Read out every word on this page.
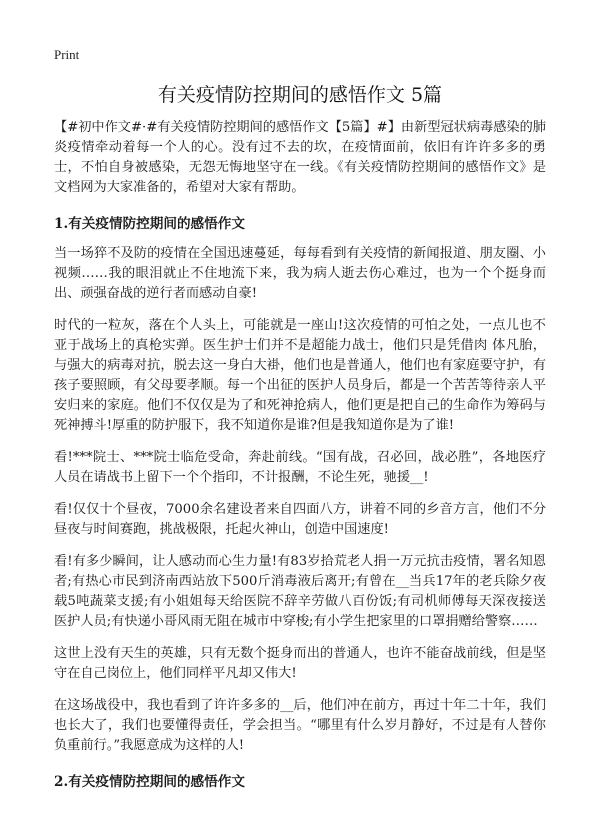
Print
有关疫情防控期间的感悟作文 5篇

【#初中作文#·#有关疫情防控期间的感悟作文【5篇】#】由新型冠状病毒感染的肺炎疫情牵动着每一个人的心。没有过不去的坎，在疫情面前，依旧有许许多多的勇士，不怕自身被感染，无怨无悔地坚守在一线。《有关疫情防控期间的感悟作文》是文档网为大家准备的，希望对大家有帮助。

1.有关疫情防控期间的感悟作文

当一场猝不及防的疫情在全国迅速蔓延，每每看到有关疫情的新闻报道、朋友圈、小视频……我的眼泪就止不住地流下来，我为病人逝去伤心难过，也为一个个挺身而出、顽强奋战的逆行者而感动自豪!

时代的一粒灰，落在个人头上，可能就是一座山!这次疫情的可怕之处，一点儿也不亚于战场上的真枪实弹。医生护士们并不是超能力战士，他们只是凭借肉 体凡胎，与强大的病毒对抗，脱去这一身白大褂，他们也是普通人，他们也有家庭要守护，有孩子要照顾，有父母要孝顺。每一个出征的医护人员身后，都是一个苦苦等待亲人平安归来的家庭。他们不仅仅是为了和死神抢病人，他们更是把自己的生命作为筹码与死神搏斗!厚重的防护服下，我不知道你是谁?但是我知道你是为了谁!

看!***院士、***院士临危受命，奔赴前线。“国有战，召必回，战必胜”，各地医疗人员在请战书上留下一个个指印，不计报酬，不论生死，驰援__!

看!仅仅十个昼夜，7000余名建设者来自四面八方，讲着不同的乡音方言，他们不分昼夜与时间赛跑，挑战极限，托起火神山，创造中国速度!

看!有多少瞬间，让人感动而心生力量!有83岁拾荒老人捐一万元抗击疫情，署名知恩者;有热心市民到济南西站放下500斤消毒液后离开;有曾在__当兵17年的老兵除夕夜载5吨蔬菜支援;有小姐姐每天给医院不辞辛劳做八百份饭;有司机师傅每天深夜接送医护人员;有快递小哥风雨无阻在城市中穿梭;有小学生把家里的口罩捐赠给警察……

这世上没有天生的英雄，只有无数个挺身而出的普通人，也许不能奋战前线，但是坚守在自己岗位上，他们同样平凡却又伟大!

在这场战役中，我也看到了许许多多的__后，他们冲在前方，再过十年二十年，我们也长大了，我们也要懂得责任，学会担当。“哪里有什么岁月静好，不过是有人替你负重前行。”我愿意成为这样的人!

2.有关疫情防控期间的感悟作文
